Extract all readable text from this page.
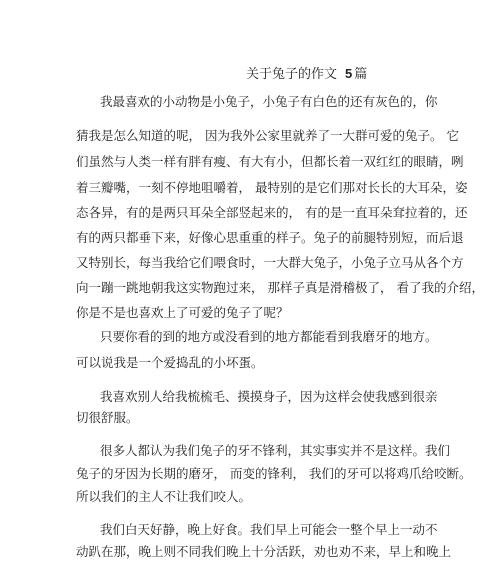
关于兔子的作文 5 篇
我最喜欢的小动物是小兔子，小兔子有白色的还有灰色的，你
猜我是怎么知道的呢， 因为我外公家里就养了一大群可爱的兔子。 它
们虽然与人类一样有胖有瘦、有大有小，但都长着一双红红的眼睛，咧
着三瓣嘴，一刻不停地咀嚼着， 最特别的是它们那对长长的大耳朵，姿
态各异，有的是两只耳朵全部竖起来的， 有的是一直耳朵耷拉着的，还
有的两只都垂下来，好像心思重重的样子。兔子的前腿特别短，而后退
又特别长，每当我给它们喂食时，一大群大兔子，小兔子立马从各个方
向一蹦一跳地朝我这实物跑过来， 那样子真是滑稽极了， 看了我的介绍，
你是不是也喜欢上了可爱的兔子了呢？
只要你看的到的地方或没看到的地方都能看到我磨牙的地方。
可以说我是一个爱捣乱的小坏蛋。
我喜欢别人给我梳梳毛、摸摸身子，因为这样会使我感到很亲
切很舒服。
很多人都认为我们兔子的牙不锋利，其实事实并不是这样。我们
兔子的牙因为长期的磨牙， 而变的锋利， 我们的牙可以将鸡爪给咬断。
所以我们的主人不让我们咬人。
我们白天好静，晚上好食。我们早上可能会一整个早上一动不
动趴在那，晚上则不同我们晚上十分活跃，劝也劝不来，早上和晚上
